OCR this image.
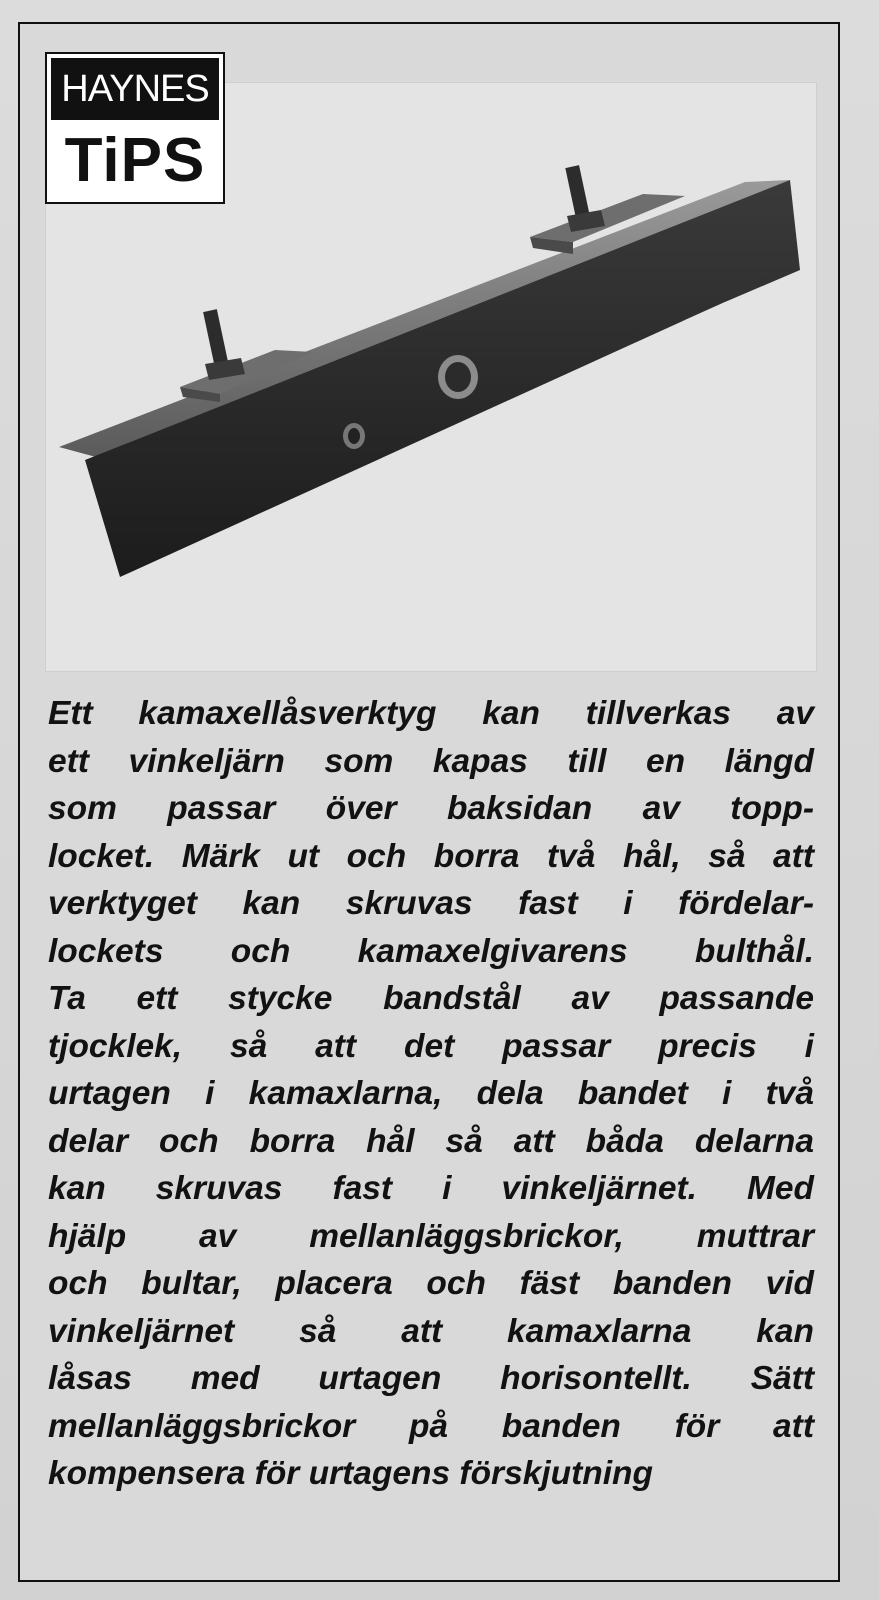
HAYNES
TiPS
Ett kamaxellåsverktyg kan tillverkas av
ett vinkeljärn som kapas till en längd
som passar över baksidan av topp-
locket. Märk ut och borra två hål, så att
verktyget kan skruvas fast i fördelar-
lockets och kamaxelgivarens bulthål.
Ta ett stycke bandstål av passande
tjocklek, så att det passar precis i
urtagen i kamaxlarna, dela bandet i två
delar och borra hål så att båda delarna
kan skruvas fast i vinkeljärnet. Med
hjälp av mellanläggsbrickor, muttrar
och bultar, placera och fäst banden vid
vinkeljärnet så att kamaxlarna kan
låsas med urtagen horisontellt. Sätt
mellanläggsbrickor på banden för att
kompensera för urtagens förskjutning
